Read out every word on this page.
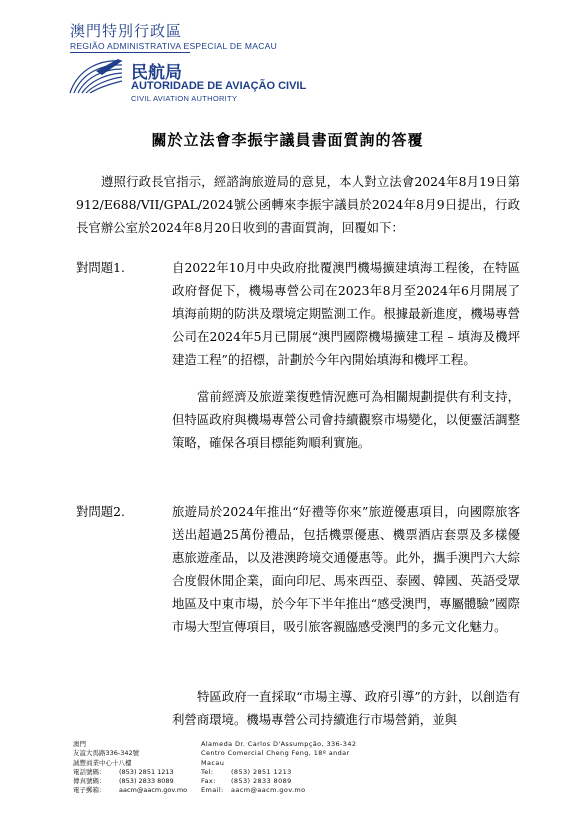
澳門特別行政區
REGIÃO ADMINISTRATIVA ESPECIAL DE MACAU
民航局
AUTORIDADE DE AVIAÇÃO CIVIL
CIVIL AVIATION AUTHORITY
關於立法會李振宇議員書面質詢的答覆

遵照行政長官指示，經諮詢旅遊局的意見，本人對立法會2024年8月19日第912/E688/VII/GPAL/2024號公函轉來李振宇議員於2024年8月9日提出，行政長官辦公室於2024年8月20日收到的書面質詢，回覆如下：

對問題1.	自2022年10月中央政府批覆澳門機場擴建填海工程後，在特區政府督促下，機場專營公司在2023年8月至2024年6月開展了填海前期的防洪及環境定期監測工作。根據最新進度，機場專營公司在2024年5月已開展“澳門國際機場擴建工程 – 填海及機坪建造工程”的招標，計劃於今年內開始填海和機坪工程。

當前經濟及旅遊業復甦情況應可為相關規劃提供有利支持，但特區政府與機場專營公司會持續觀察市場變化，以便靈活調整策略，確保各項目標能夠順利實施。

對問題2.	旅遊局於2024年推出“好禮等你來”旅遊優惠項目，向國際旅客送出超過25萬份禮品，包括機票優惠、機票酒店套票及多樣優惠旅遊產品，以及港澳跨境交通優惠等。此外，攜手澳門六大綜合度假休閒企業，面向印尼、馬來西亞、泰國、韓國、英語受眾地區及中東市場，於今年下半年推出“感受澳門，專屬體驗”國際市場大型宣傳項目，吸引旅客親臨感受澳門的多元文化魅力。

特區政府一直採取“市場主導、政府引導”的方針，以創造有利營商環境。機場專營公司持續進行市場營銷，並與

澳門
友誼大馬路336-342號
誠豐商業中心十八樓
電話號碼：	(853) 2851 1213
傳真號碼：	(853) 2833 8089
電子郵箱：	aacm@aacm.gov.mo
Alameda Dr. Carlos D'Assumpção, 336-342
Centro Comercial Cheng Feng, 18º andar
Macau
Tel:	(853) 2851 1213
Fax:	(853) 2833 8089
Email:	aacm@aacm.gov.mo
